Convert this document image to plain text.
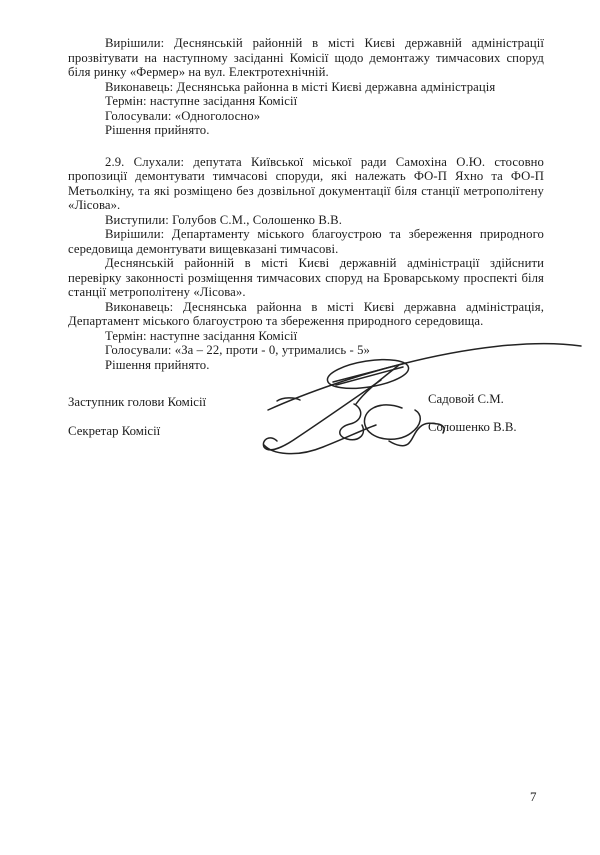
Вирішили: Деснянській районній в місті Києві державній адміністрації прозвітувати на наступному засіданні Комісії щодо демонтажу тимчасових споруд біля ринку «Фермер» на вул. Електротехнічній.

Виконавець: Деснянська районна в місті Києві державна адміністрація

Термін: наступне засідання Комісії

Голосували: «Одноголосно»

Рішення прийнято.

2.9. Слухали: депутата Київської міської ради Самохіна О.Ю. стосовно пропозиції демонтувати тимчасові споруди, які належать ФО-П Яхно та ФО-П Метьолкіну, та які розміщено без дозвільної документації біля станції метрополітену «Лісова».

Виступили: Голубов С.М., Солошенко В.В.

Вирішили: Департаменту міського благоустрою та збереження природного середовища демонтувати вищевказані тимчасові.

Деснянській районній в місті Києві державній адміністрації здійснити перевірку законності розміщення тимчасових споруд на Броварському проспекті біля станції метрополітену «Лісова».

Виконавець: Деснянська районна в місті Києві державна адміністрація, Департамент міського благоустрою та збереження природного середовища.

Термін: наступне засідання Комісії

Голосували: «За – 22, проти - 0, утримались - 5»

Рішення прийнято.

Заступник голови Комісії	Садовой С.М.
Секретар Комісії	Солошенко В.В.
7
